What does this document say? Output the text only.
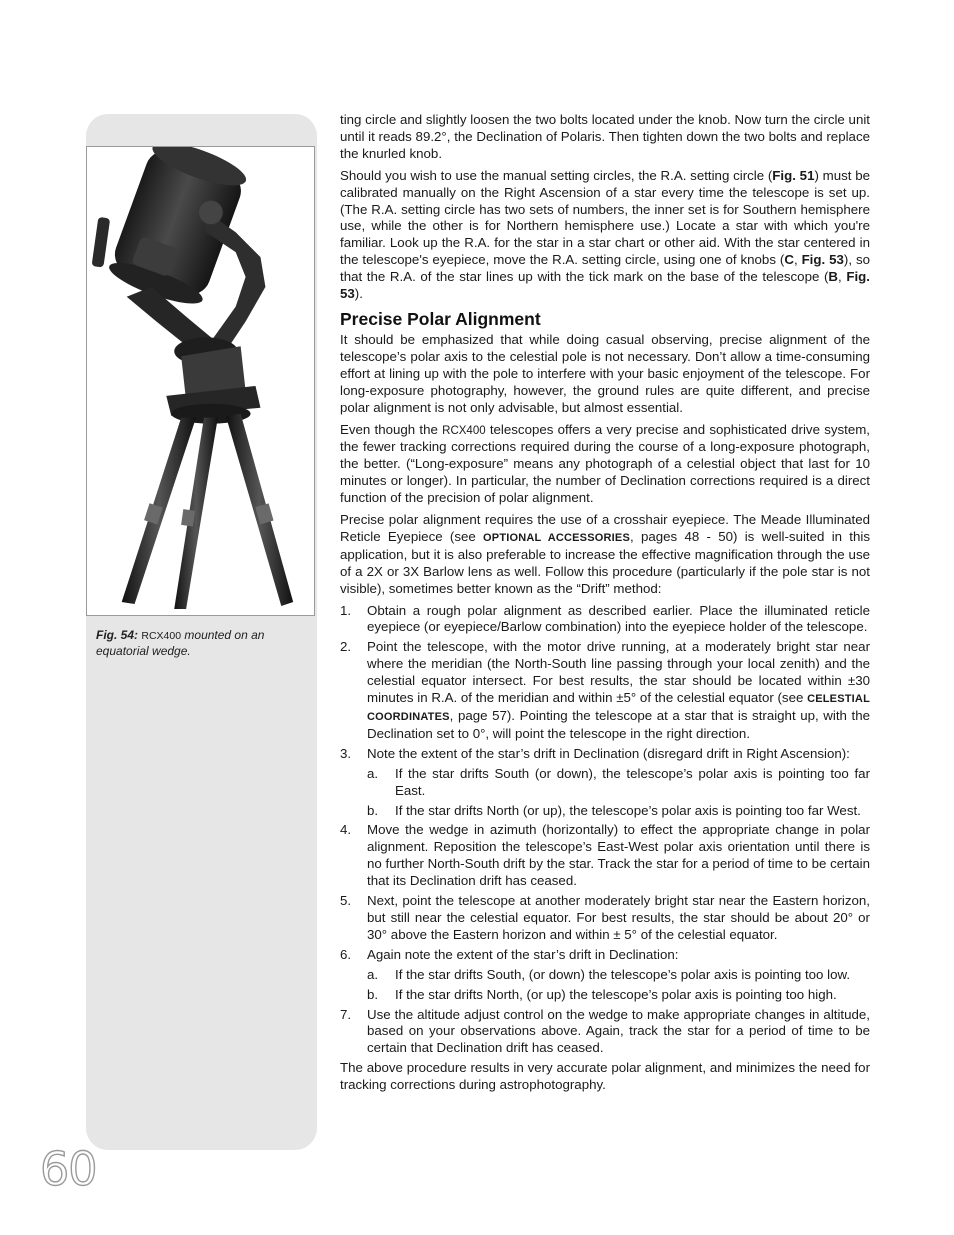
Fig. 54: RCX400 mounted on an equatorial wedge.
60

ting circle and slightly loosen the two bolts located under the knob. Now turn the circle unit until it reads 89.2°, the Declination of Polaris. Then tighten down the two bolts and replace the knurled knob.

Should you wish to use the manual setting circles, the R.A. setting circle (Fig. 51) must be calibrated manually on the Right Ascension of a star every time the telescope is set up. (The R.A. setting circle has two sets of numbers, the inner set is for Southern hemisphere use, while the other is for Northern hemisphere use.) Locate a star with which you're familiar. Look up the R.A. for the star in a star chart or other aid. With the star centered in the telescope's eyepiece, move the R.A. setting circle, using one of knobs (C, Fig. 53), so that the R.A. of the star lines up with the tick mark on the base of the telescope (B, Fig. 53).

Precise Polar Alignment

It should be emphasized that while doing casual observing, precise alignment of the telescope’s polar axis to the celestial pole is not necessary. Don’t allow a time-consuming effort at lining up with the pole to interfere with your basic enjoyment of the telescope. For long-exposure photography, however, the ground rules are quite different, and precise polar alignment is not only advisable, but almost essential.

Even though the RCX400 telescopes offers a very precise and sophisticated drive system, the fewer tracking corrections required during the course of a long-exposure photograph, the better. (“Long-exposure” means any photograph of a celestial object that last for 10 minutes or longer). In particular, the number of Declination corrections required is a direct function of the precision of polar alignment.

Precise polar alignment requires the use of a crosshair eyepiece. The Meade Illuminated Reticle Eyepiece (see OPTIONAL ACCESSORIES, pages 48 - 50) is well-suited in this application, but it is also preferable to increase the effective magnification through the use of a 2X or 3X Barlow lens as well. Follow this procedure (particularly if the pole star is not visible), sometimes better known as the “Drift” method:

1. Obtain a rough polar alignment as described earlier. Place the illuminated reticle eyepiece (or eyepiece/Barlow combination) into the eyepiece holder of the telescope.
2. Point the telescope, with the motor drive running, at a moderately bright star near where the meridian (the North-South line passing through your local zenith) and the celestial equator intersect. For best results, the star should be located within ±30 minutes in R.A. of the meridian and within ±5° of the celestial equator (see CELESTIAL COORDINATES, page 57). Pointing the telescope at a star that is straight up, with the Declination set to 0°, will point the telescope in the right direction.
3. Note the extent of the star’s drift in Declination (disregard drift in Right Ascension):
a. If the star drifts South (or down), the telescope’s polar axis is pointing too far East.
b. If the star drifts North (or up), the telescope’s polar axis is pointing too far West.
4. Move the wedge in azimuth (horizontally) to effect the appropriate change in polar alignment. Reposition the telescope’s East-West polar axis orientation until there is no further North-South drift by the star. Track the star for a period of time to be certain that its Declination drift has ceased.
5. Next, point the telescope at another moderately bright star near the Eastern horizon, but still near the celestial equator. For best results, the star should be about 20° or 30° above the Eastern horizon and within ± 5° of the celestial equator.
6. Again note the extent of the star’s drift in Declination:
a. If the star drifts South, (or down) the telescope’s polar axis is pointing too low.
b. If the star drifts North, (or up) the telescope’s polar axis is pointing too high.
7. Use the altitude adjust control on the wedge to make appropriate changes in altitude, based on your observations above. Again, track the star for a period of time to be certain that Declination drift has ceased.

The above procedure results in very accurate polar alignment, and minimizes the need for tracking corrections during astrophotography.
